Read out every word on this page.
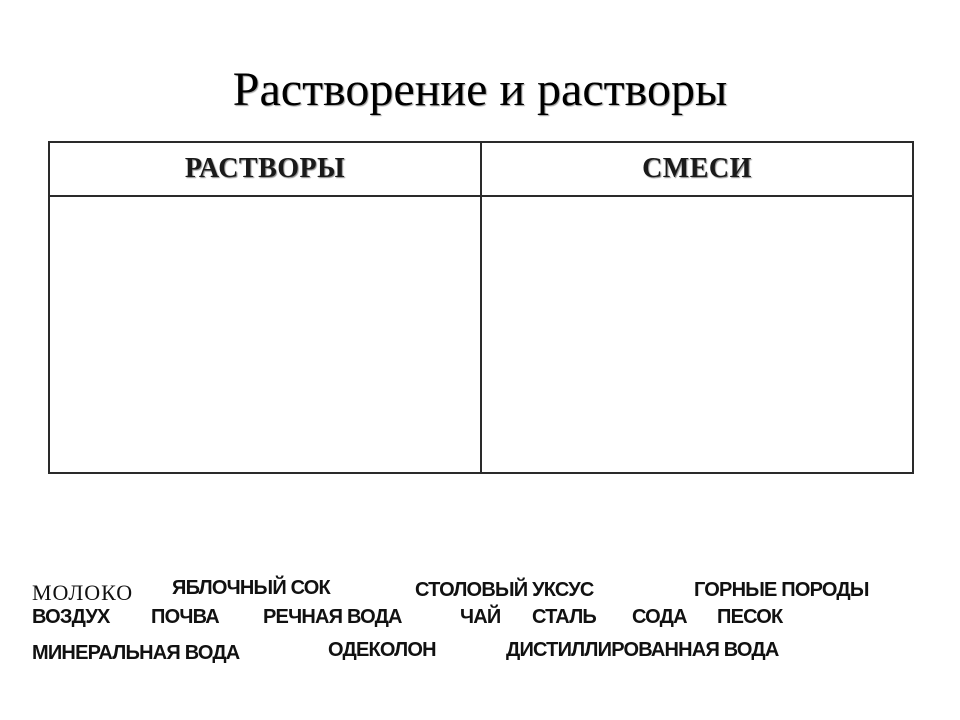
Растворение и растворы
РАСТВОРЫ	СМЕСИ

МОЛОКО ЯБЛОЧНЫЙ СОК	СТОЛОВЫЙ УКСУС	ГОРНЫЕ ПОРОДЫ
ВОЗДУХ ПОЧВА РЕЧНАЯ ВОДА	ЧАЙ СТАЛЬ СОДА ПЕСОК
МИНЕРАЛЬНАЯ ВОДА	ОДЕКОЛОН	ДИСТИЛЛИРОВАННАЯ ВОДА
